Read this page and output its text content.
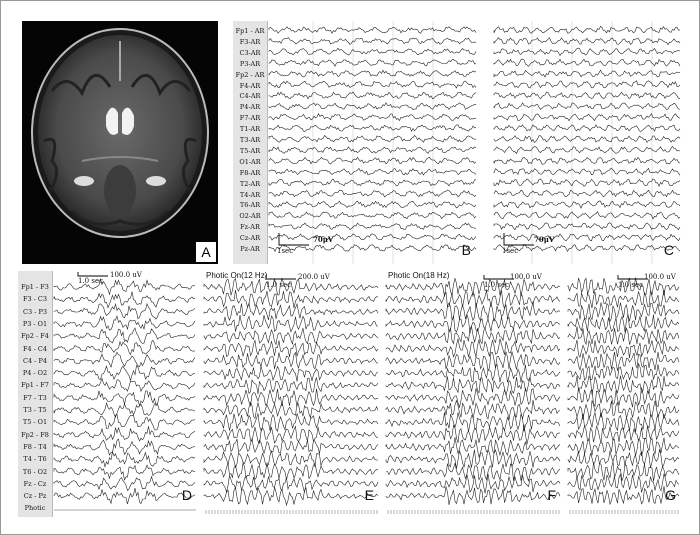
A
Fp1 - AR
F3-AR
C3-AR
P3-AR
Fp2 - AR
F4-AR
C4-AR
P4-AR
F7-AR
T1-AR
T3-AR
T5-AR
O1-AR
F8-AR
T2-AR
T4-AR
T6-AR
O2-AR
Fz-AR
Cz-AR
Pz-AR	1sec
70μV
B	1sec
70μV
C
Fp1 - F3
F3 - C3
C3 - P3
P3 - O1
Fp2 - F4
F4 - C4
C4 - P4
P4 - O2
Fp1 - F7
F7 - T3
T3 - T5
T5 - O1
Fp2 - F8
F8 - T4
T4 - T6
T6 - O2
Fz - Cz
Cz - Pz
Photic
1.0 sec
100.0 uV
D
Photic On(12 Hz)
1.0 sec
200.0 uV
E
Photic On(18 Hz)
1.0 sec
100.0 uV
F
1.0 sec
100.0 uV
G
